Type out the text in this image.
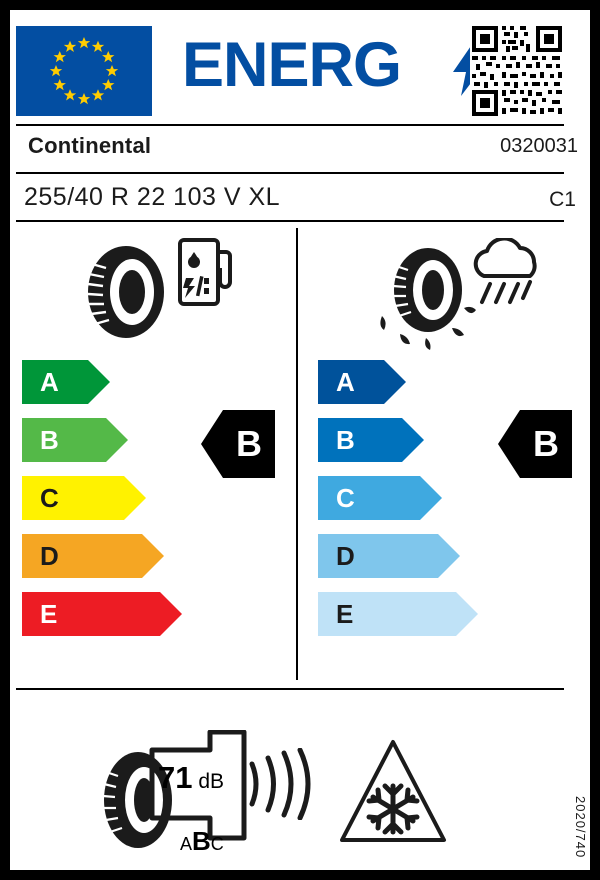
ENERG
Continental	0320031
255/40 R 22 103 V XL	C1
A
B
C
D
E
B
A
B
C
D
E
B
71 dB
ABC	2020/740
